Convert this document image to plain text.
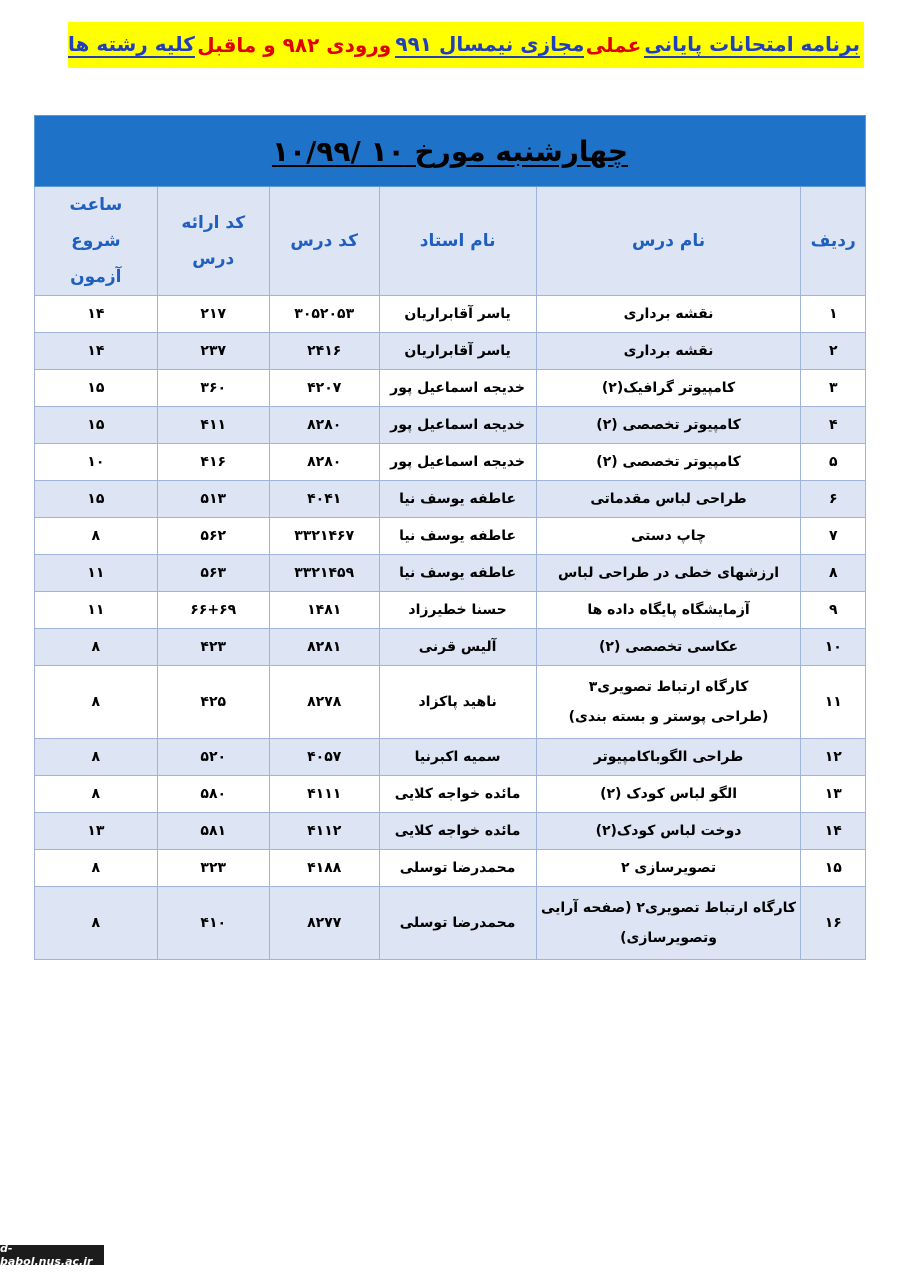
برنامه امتحانات پایانی
عملی
مجازی نیمسال ۹۹۱
ورودی ۹۸۲ و ماقبل
کلیه رشته ها
چهارشنبه مورخ ۱۰ /۱۰/۹۹					
ردیف	نام درس	نام استاد	کد درس	کد ارائه درس	ساعت شروع آزمون
۱	نقشه برداری	یاسر آقابراریان	۳۰۵۲۰۵۳	۲۱۷	۱۴
۲	نقشه برداری	یاسر آقابراریان	۲۴۱۶	۲۳۷	۱۴
۳	کامپیوتر گرافیک(۲)	خدیجه اسماعیل پور	۴۲۰۷	۳۶۰	۱۵
۴	کامپیوتر تخصصی (۲)	خدیجه اسماعیل پور	۸۲۸۰	۴۱۱	۱۵
۵	کامپیوتر تخصصی (۲)	خدیجه اسماعیل پور	۸۲۸۰	۴۱۶	۱۰
۶	طراحی لباس مقدماتی	عاطفه یوسف نیا	۴۰۴۱	۵۱۳	۱۵
۷	چاپ دستی	عاطفه یوسف نیا	۳۳۲۱۴۶۷	۵۶۲	۸
۸	ارزشهای خطی در طراحی لباس	عاطفه یوسف نیا	۳۳۲۱۴۵۹	۵۶۳	۱۱
۹	آزمایشگاه پایگاه داده ها	حسنا خطیرزاد	۱۴۸۱	۶۶+۶۹	۱۱
۱۰	عکاسی تخصصی (۲)	آلیس قرنی	۸۲۸۱	۴۲۳	۸
۱۱	کارگاه ارتباط تصویری۳
(طراحی پوستر و بسته بندی)	ناهید پاکزاد	۸۲۷۸	۴۲۵	۸
۱۲	طراحی الگوباکامپیوتر	سمیه اکبرنیا	۴۰۵۷	۵۲۰	۸
۱۳	الگو لباس کودک (۲)	مائده خواجه کلایی	۴۱۱۱	۵۸۰	۸
۱۴	دوخت لباس کودک(۲)	مائده خواجه کلایی	۴۱۱۲	۵۸۱	۱۳
۱۵	تصویرسازی ۲	محمدرضا توسلی	۴۱۸۸	۳۲۳	۸
۱۶	کارگاه ارتباط تصویری۲ (صفحه آرایی
وتصویرسازی)	محمدرضا توسلی	۸۲۷۷	۴۱۰	۸
d-babol.nus.ac.ir
